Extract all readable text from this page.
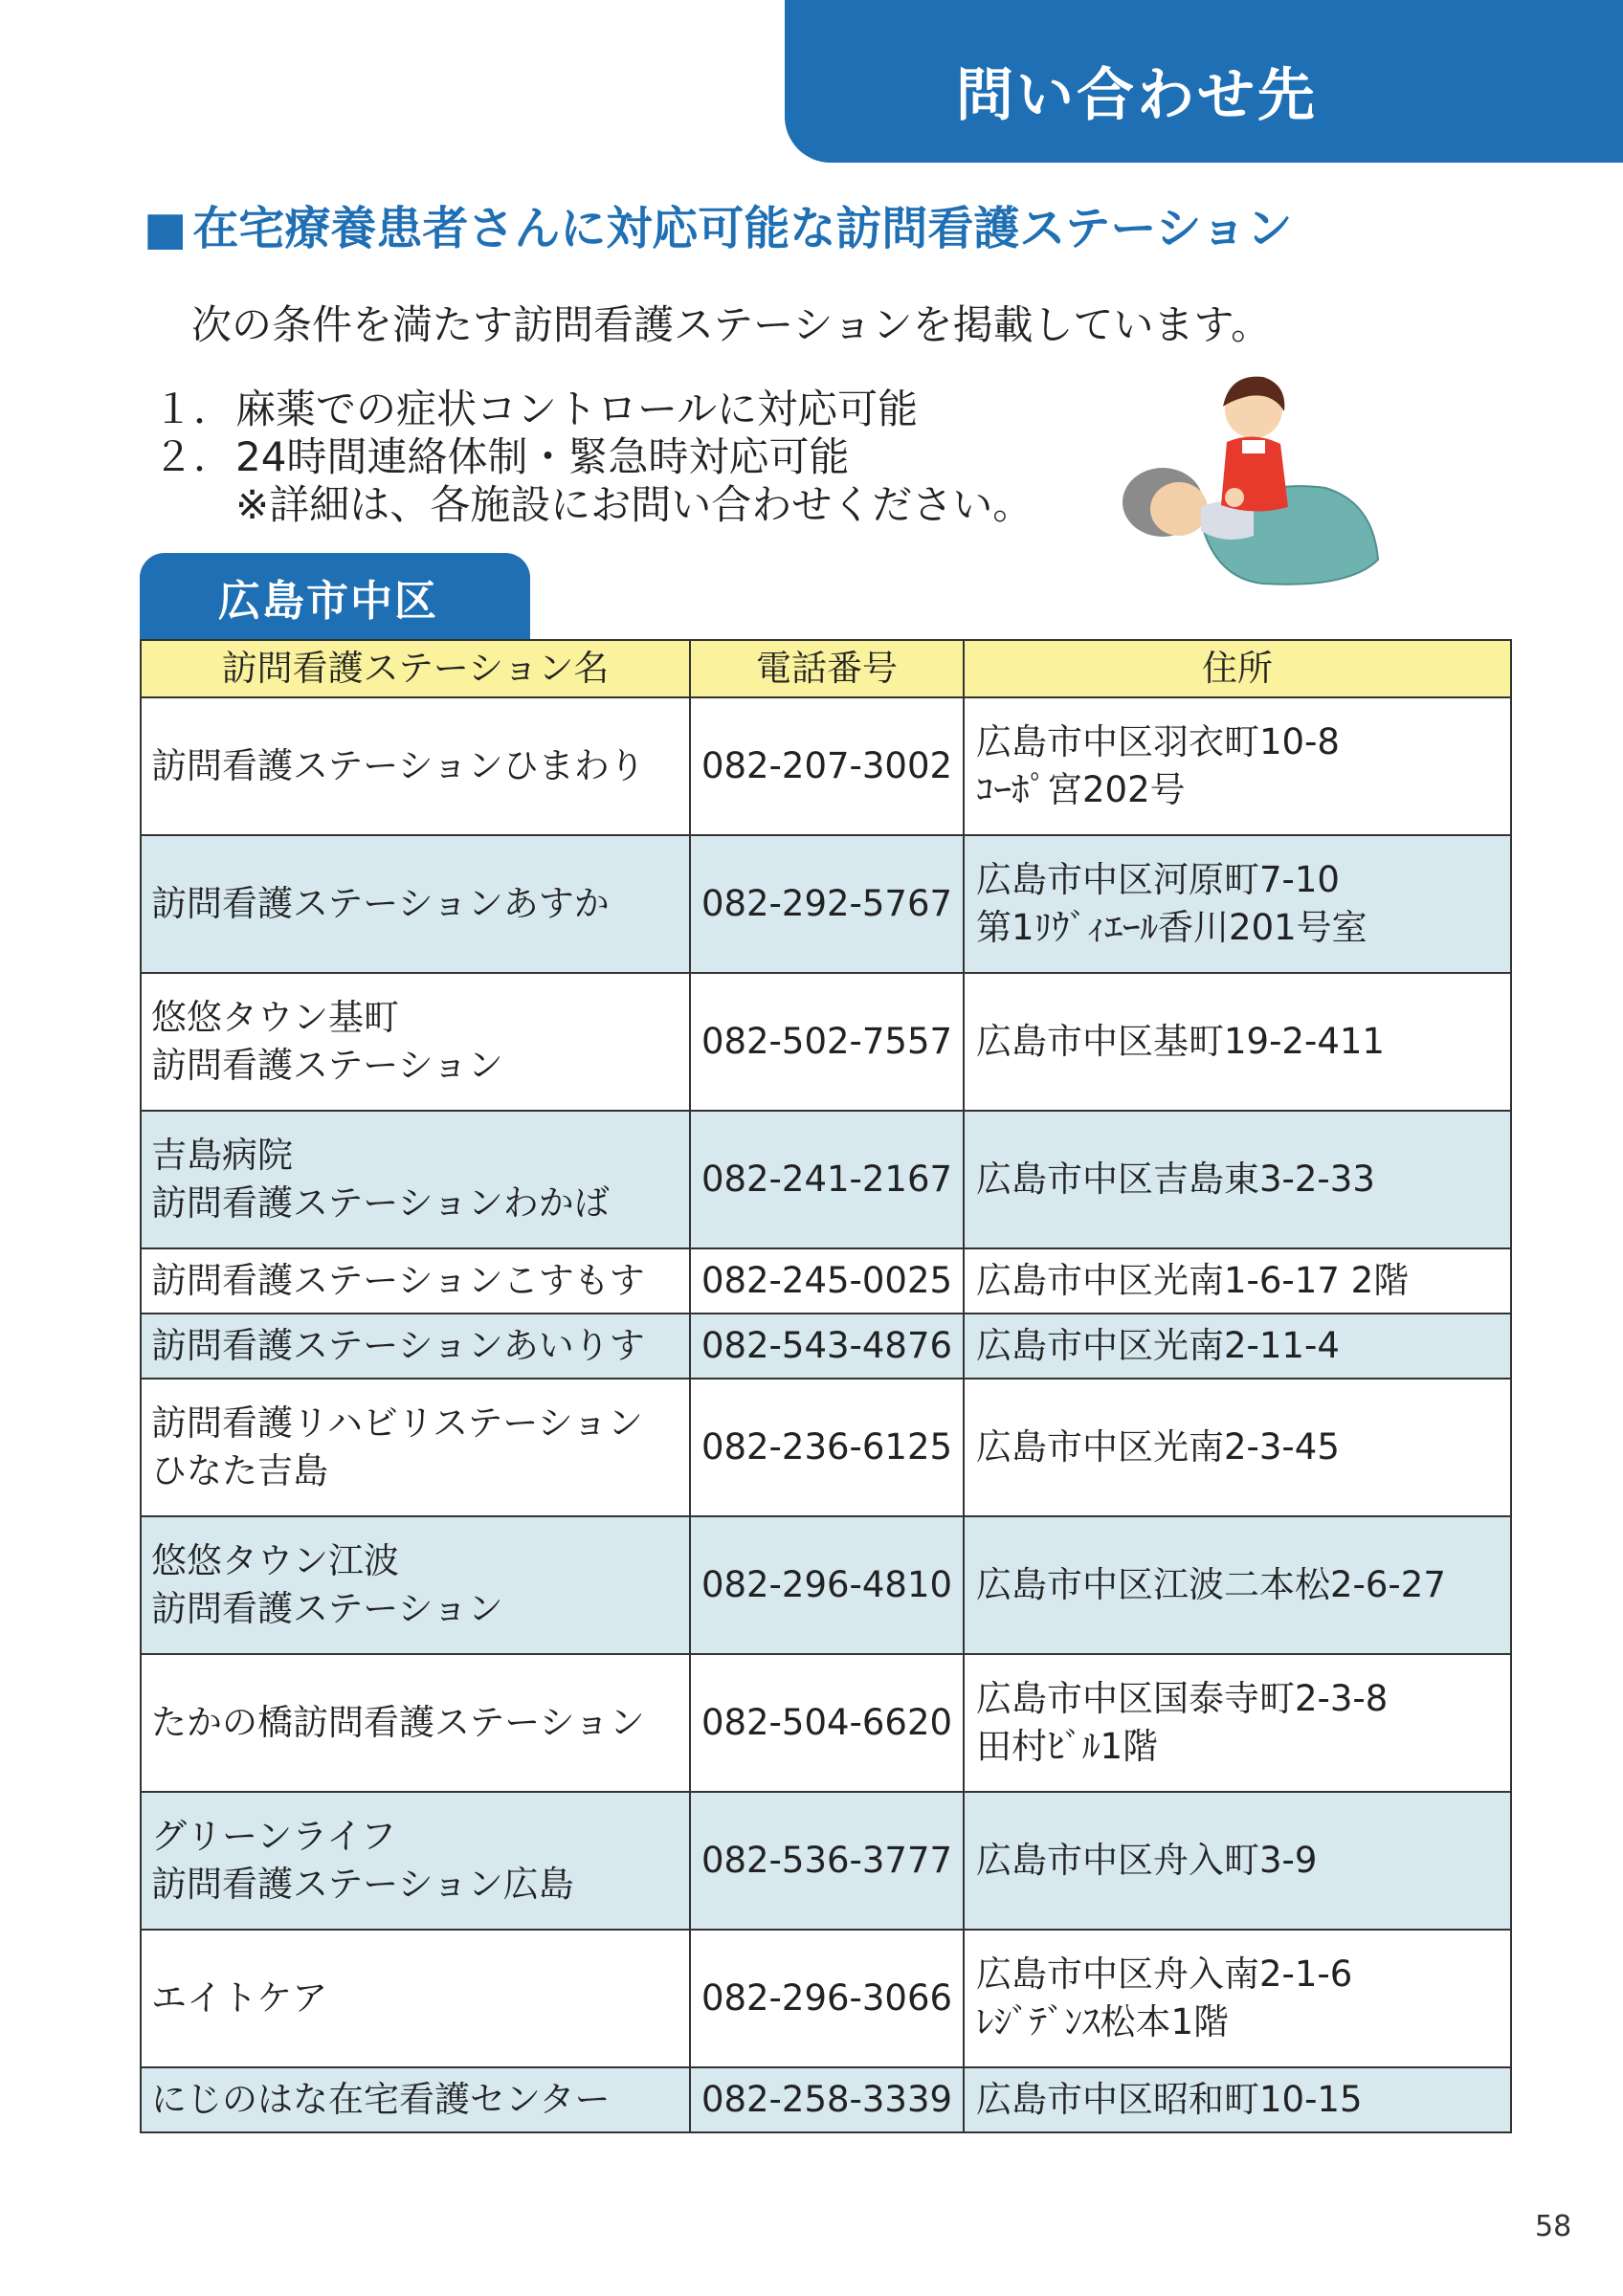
問い合わせ先
■ 在宅療養患者さんに対応可能な訪問看護ステーション
次の条件を満たす訪問看護ステーションを掲載しています。
１．麻薬での症状コントロールに対応可能
２．24時間連絡体制・緊急時対応可能
※詳細は、各施設にお問い合わせください。
広島市中区
訪問看護ステーション名	電話番号	住所
訪問看護ステーションひまわり	082-207-3002	広島市中区羽衣町10-8
ｺｰﾎﾟ宮202号
訪問看護ステーションあすか	082-292-5767	広島市中区河原町7-10
第1ﾘｳﾞｨｴｰﾙ香川201号室
悠悠タウン基町
訪問看護ステーション	082-502-7557	広島市中区基町19-2-411
吉島病院
訪問看護ステーションわかば	082-241-2167	広島市中区吉島東3-2-33
訪問看護ステーションこすもす	082-245-0025	広島市中区光南1-6-17 2階
訪問看護ステーションあいりす	082-543-4876	広島市中区光南2-11-4
訪問看護リハビリステーション
ひなた吉島	082-236-6125	広島市中区光南2-3-45
悠悠タウン江波
訪問看護ステーション	082-296-4810	広島市中区江波二本松2-6-27
たかの橋訪問看護ステーション	082-504-6620	広島市中区国泰寺町2-3-8
田村ﾋﾞﾙ1階
グリーンライフ
訪問看護ステーション広島	082-536-3777	広島市中区舟入町3-9
エイトケア	082-296-3066	広島市中区舟入南2-1-6
ﾚｼﾞﾃﾞﾝｽ松本1階
にじのはな在宅看護センター	082-258-3339	広島市中区昭和町10-15
58
